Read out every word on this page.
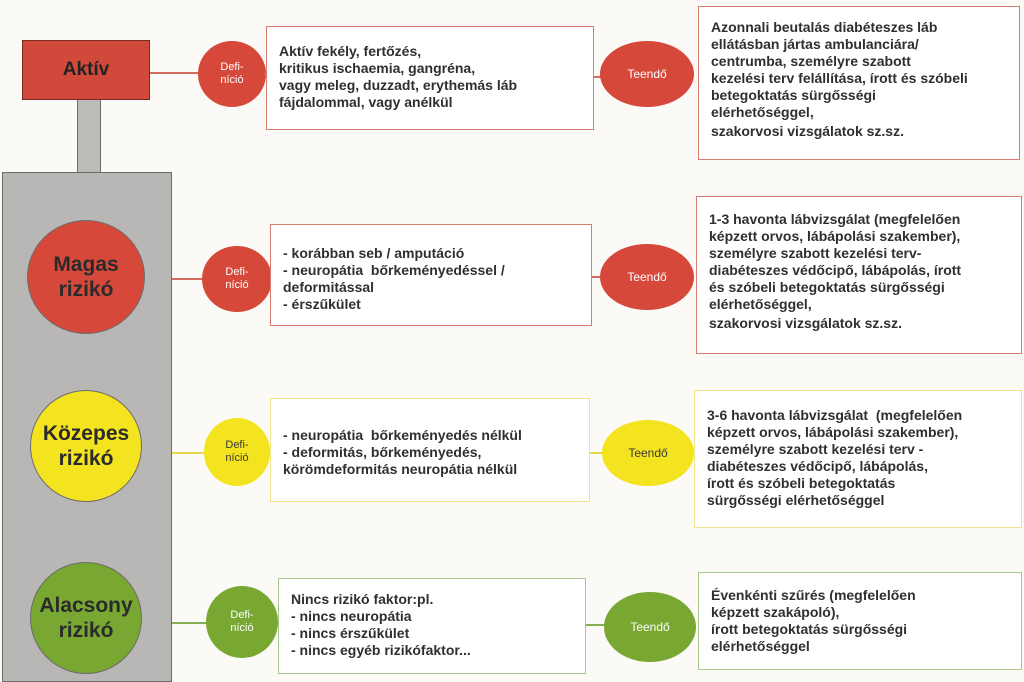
Aktív	Defi-
níció
Aktív fekély, fertőzés,
kritikus ischaemia, gangréna,
vagy meleg, duzzadt, erythemás láb
fájdalommal, vagy anélkül
Teendő
Azonnali beutalás diabéteszes láb
ellátásban jártas ambulanciára/
centrumba, személyre szabott
kezelési terv felállítása, írott és szóbeli
betegoktatás sürgősségi
elérhetőséggel,
szakorvosi vizsgálatok sz.sz.
Magas
rizikó
Defi-
níció
- korábban seb / amputáció
- neuropátia  bőrkeményedéssel /
deformitással
- érszűkület
Teendő
1-3 havonta lábvizsgálat (megfelelően
képzett orvos, lábápolási szakember),
személyre szabott kezelési terv-
diabéteszes védőcipő, lábápolás, írott
és szóbeli betegoktatás sürgősségi
elérhetőséggel,
szakorvosi vizsgálatok sz.sz.
Közepes
rizikó
Defi-
níció
- neuropátia  bőrkeményedés nélkül
- deformitás, bőrkeményedés,
körömdeformitás neuropátia nélkül
Teendő
3-6 havonta lábvizsgálat  (megfelelően
képzett orvos, lábápolási szakember),
személyre szabott kezelési terv -
diabéteszes védőcipő, lábápolás,
írott és szóbeli betegoktatás
sürgősségi elérhetőséggel
Alacsony
rizikó
Defi-
níció
Nincs rizikó faktor:pl.
- nincs neuropátia
- nincs érszűkület
- nincs egyéb rizikófaktor...
Teendő
Évenkénti szűrés (megfelelően
képzett szakápoló),
írott betegoktatás sürgősségi
elérhetőséggel
